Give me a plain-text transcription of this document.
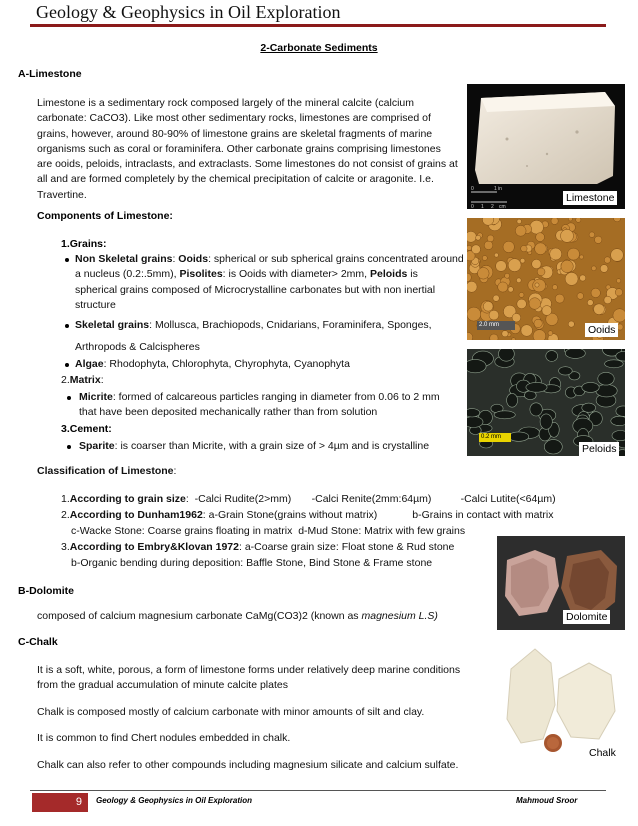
Geology & Geophysics in Oil Exploration
2-Carbonate Sediments
A-Limestone
Limestone is a sedimentary rock composed largely of the mineral calcite (calcium
carbonate: CaCO3). Like most other sedimentary rocks, limestones are comprised of
grains, however, around 80-90% of limestone grains are skeletal fragments of marine
organisms such as coral or foraminifera. Other carbonate grains comprising limestones
are ooids, peloids, intraclasts, and extraclasts. Some limestones do not consist of grains at
all and are formed completely by the chemical precipitation of calcite or aragonite. I.e.
Travertine.
Components of Limestone:
1.Grains:
Non Skeletal grains: Ooids: spherical or sub spherical grains concentrated around
a nucleus (0.2:.5mm), Pisolites: is Ooids with diameter> 2mm, Peloids is
spherical grains composed of Microcrystalline carbonates but with non inertial
structure
Skeletal grains: Mollusca, Brachiopods, Cnidarians, Foraminifera, Sponges,
Arthropods & Calcispheres
Algae: Rhodophyta, Chlorophyta, Chyrophyta, Cyanophyta
2.Matrix:
Micrite: formed of calcareous particles ranging in diameter from 0.06 to 2 mm
that have been deposited mechanically rather than from solution
3.Cement:
Sparite: is coarser than Micrite, with a grain size of > 4µm and is crystalline
Classification of Limestone:
1.According to grain size:  -Calci Rudite(2>mm)       -Calci Renite(2mm:64µm)          -Calci Lutite(<64µm)
2.According to Dunham1962: a-Grain Stone(grains without matrix)            b-Grains in contact with matrix
c-Wacke Stone: Coarse grains floating in matrix  d-Mud Stone: Matrix with few grains
3.According to Embry&Klovan 1972: a-Coarse grain size: Float stone & Rud stone
b-Organic bending during deposition: Baffle Stone, Bind Stone & Frame stone
B-Dolomite
composed of calcium magnesium carbonate CaMg(CO3)2 (known as magnesium L.S)
C-Chalk
It is a soft, white, porous, a form of limestone forms under relatively deep marine conditions
from the gradual accumulation of minute calcite plates
Chalk is composed mostly of calcium carbonate with minor amounts of silt and clay.
It is common to find Chert nodules embedded in chalk.
Chalk can also refer to other compounds including magnesium silicate and calcium sulfate.
0	1 in
0 1 2 cm
Limestone
2.0 mm	Ooids
0.2 mm
Peloids
Dolomite
Chalk
9	Geology & Geophysics in Oil Exploration	Mahmoud Sroor
